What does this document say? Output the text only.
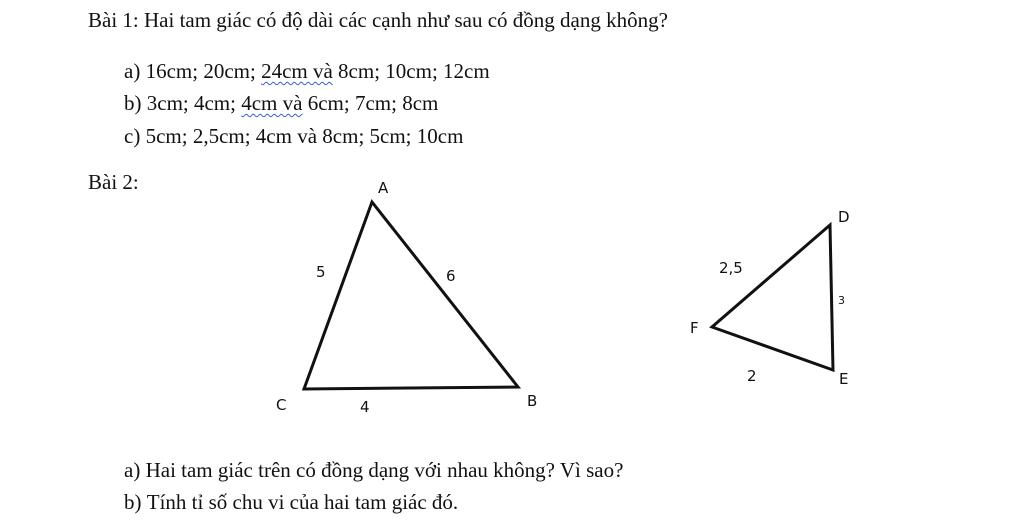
Bài 1: Hai tam giác có độ dài các cạnh như sau có đồng dạng không?
a) 16cm; 20cm; 24cm và 8cm; 10cm; 12cm
b) 3cm; 4cm; 4cm và 6cm; 7cm; 8cm
c) 5cm; 2,5cm; 4cm và 8cm; 5cm; 10cm
Bài 2:	A
B
C
5	6
4
D
E
F
2,5
3
2
a) Hai tam giác trên có đồng dạng với nhau không? Vì sao?
b) Tính tỉ số chu vi của hai tam giác đó.
